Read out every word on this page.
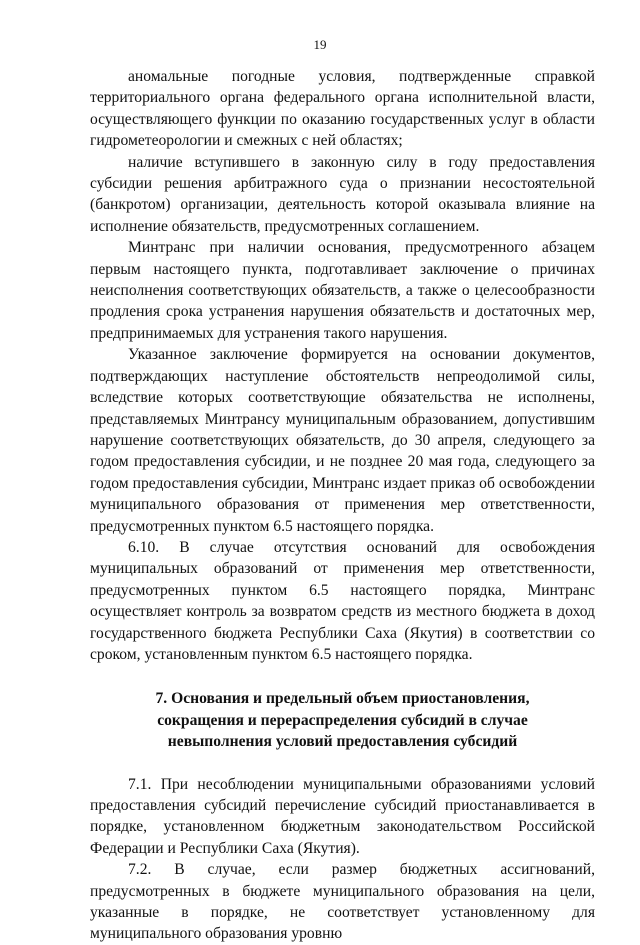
19

аномальные погодные условия, подтвержденные справкой территориального органа федерального органа исполнительной власти, осуществляющего функции по оказанию государственных услуг в области гидрометеорологии и смежных с ней областях;

наличие вступившего в законную силу в году предоставления субсидии решения арбитражного суда о признании несостоятельной (банкротом) организации, деятельность которой оказывала влияние на исполнение обязательств, предусмотренных соглашением.

Минтранс при наличии основания, предусмотренного абзацем первым настоящего пункта, подготавливает заключение о причинах неисполнения соответствующих обязательств, а также о целесообразности продления срока устранения нарушения обязательств и достаточных мер, предпринимаемых для устранения такого нарушения.

Указанное заключение формируется на основании документов, подтверждающих наступление обстоятельств непреодолимой силы, вследствие которых соответствующие обязательства не исполнены, представляемых Минтрансу муниципальным образованием, допустившим нарушение соответствующих обязательств, до 30 апреля, следующего за годом предоставления субсидии, и не позднее 20 мая года, следующего за годом предоставления субсидии, Минтранс издает приказ об освобождении муниципального образования от применения мер ответственности, предусмотренных пунктом 6.5 настоящего порядка.

6.10. В случае отсутствия оснований для освобождения муниципальных образований от применения мер ответственности, предусмотренных пунктом 6.5 настоящего порядка, Минтранс осуществляет контроль за возвратом средств из местного бюджета в доход государственного бюджета Республики Саха (Якутия) в соответствии со сроком, установленным пунктом 6.5 настоящего порядка.

7. Основания и предельный объем приостановления,
сокращения и перераспределения субсидий в случае
невыполнения условий предоставления субсидий

7.1. При несоблюдении муниципальными образованиями условий предоставления субсидий перечисление субсидий приостанавливается в порядке, установленном бюджетным законодательством Российской Федерации и Республики Саха (Якутия).

7.2. В случае, если размер бюджетных ассигнований, предусмотренных в бюджете муниципального образования на цели, указанные в порядке, не соответствует установленному для муниципального образования уровню
